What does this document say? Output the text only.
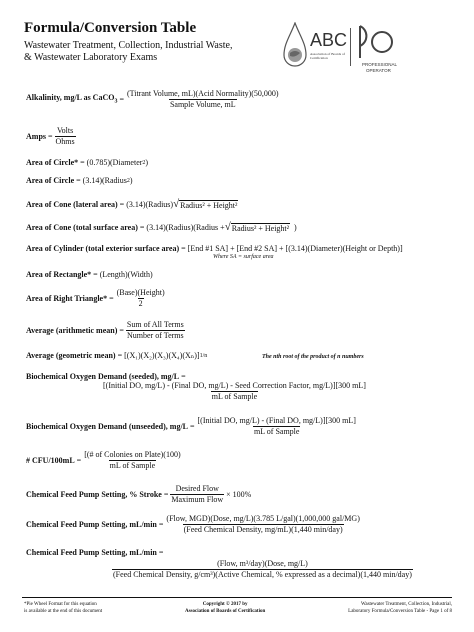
Formula/Conversion Table
Wastewater Treatment, Collection, Industrial Waste,
& Wastewater Laboratory Exams
ABC
Association of Boards of Certification
PROFESSIONAL
OPERATOR
Alkalinity, mg/L as CaCO$_3$ = $\frac{\text{(Titrant Volume, mL)(Acid Normality)(50,000)}}{\text{Sample Volume, mL}}$
Amps = $\frac{\text{Volts}}{\text{Ohms}}$
Area of Circle* = (0.785)(Diameter 2 )
Area of Circle = (3.14)(Radius 2 )
Area of Cone (lateral area) = (3.14)(Radius) √ Radius² + Height²
Area of Cone (total surface area) = (3.14)(Radius)(Radius + √ Radius² + Height²
)
Area of Cylinder (total exterior surface area) = [End #1 SA] + [End #2 SA] + [(3.14)(Diameter)(Height or Depth)]
Where SA = surface area
Area of Rectangle* = (Length)(Width)
Area of Right Triangle* = $\frac{\text{(Base)(Height)}}{2}$
Average (arithmetic mean) = $\frac{\text{Sum of All Terms}}{\text{Number of Terms}}$
Average (geometric mean) = [(X₁)(X₂)(X₃)(X₄)(Xₙ)] 1/n	The nth root of the product of n numbers
Biochemical Oxygen Demand (seeded), mg/L =
[(Initial DO, mg/L) - (Final DO, mg/L) - Seed Correction Factor, mg/L)][300 mL]
mL of Sample
Biochemical Oxygen Demand (unseeded), $mg/L = \frac{\text{[(Initial DO, mg/L) - (Final DO, mg/L)][300 mL]}}{\text{mL of Sample}}$
# $CFU/100mL = \frac{\text{[(\# of Colonies on Plate)(100)}}{\text{mL of Sample}}$
Chemical Feed Pump Setting, % Stroke = $\frac{\text{Desired Flow}}{\text{Maximum Flow}} \times 100\%$
Chemical Feed Pump Setting, $mL/\min = \frac{\text{(Flow, MGD)(Dose, mg/L)(3.785 L/gal)(1,000,000 gal/MG)}}{\text{(Feed Chemical Density, mg/mL)(1,440 min/day)}}$
Chemical Feed Pump Setting, mL/min =
(Flow, m³/day)(Dose, mg/L)
(Feed Chemical Density, g/cm³)(Active Chemical, % expressed as a decimal)(1,440 min/day)
*Pie Wheel Format for this equation
is available at the end of this document
Copyright © 2017 by
Association of Boards of Certification
Wastewater Treatment, Collection, Industrial,
Laboratory Formula/Conversion Table - Page 1 of 8
